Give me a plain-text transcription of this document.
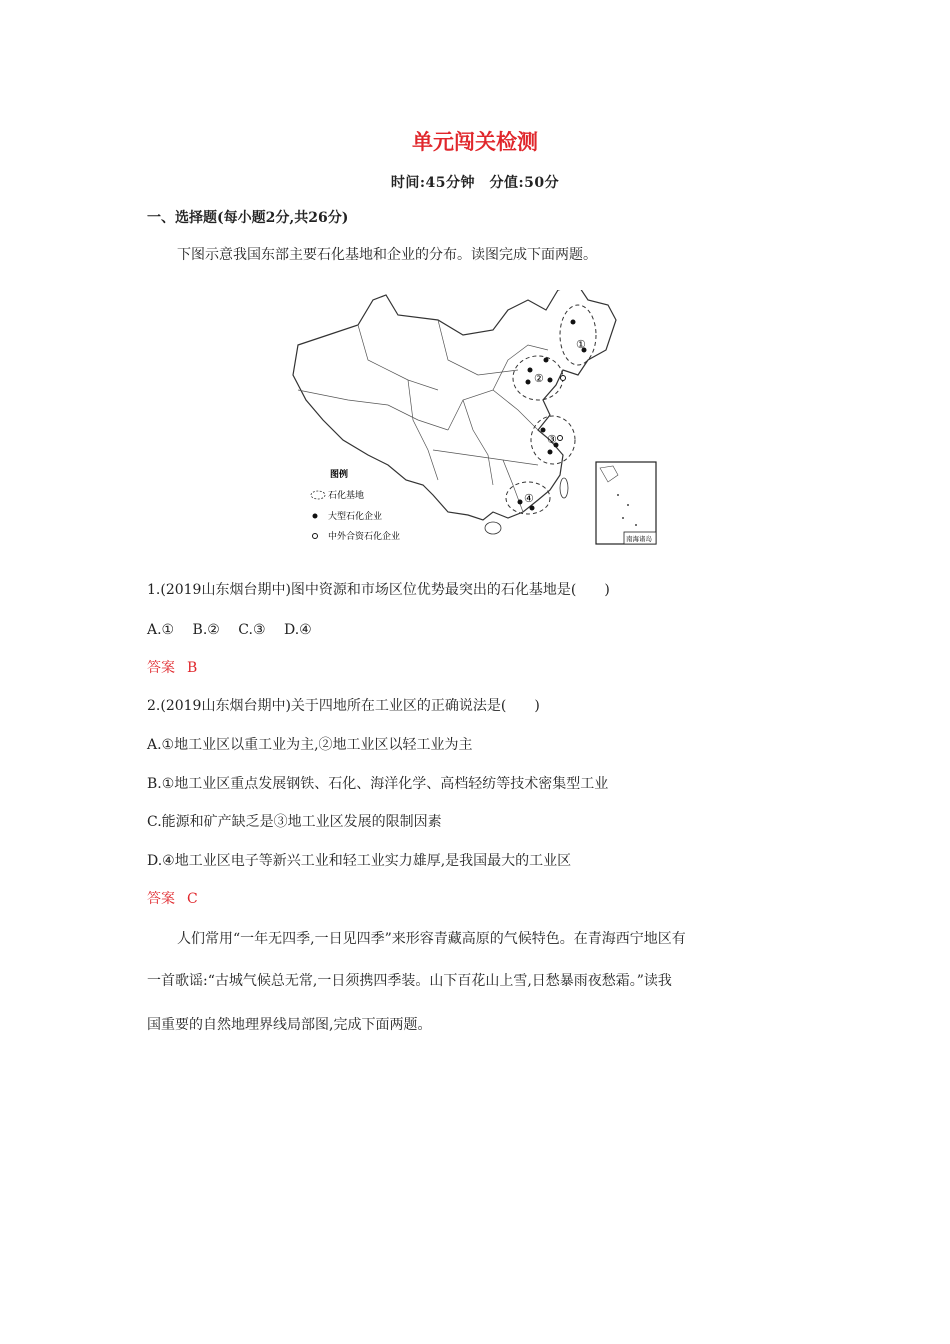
单元闯关检测
时间:45分钟　分值:50分
一、选择题(每小题2分,共26分)
下图示意我国东部主要石化基地和企业的分布。读图完成下面两题。
①
②
③
④
图例
石化基地
大型石化企业
中外合资石化企业	南海诸岛
1.(2019山东烟台期中)图中资源和市场区位优势最突出的石化基地是(　　)
A.①　 B.②　 C.③　 D.④
答案 B
2.(2019山东烟台期中)关于四地所在工业区的正确说法是(　　)
A.①地工业区以重工业为主,②地工业区以轻工业为主
B.①地工业区重点发展钢铁、石化、海洋化学、高档轻纺等技术密集型工业
C.能源和矿产缺乏是③地工业区发展的限制因素
D.④地工业区电子等新兴工业和轻工业实力雄厚,是我国最大的工业区
答案 C
人们常用“一年无四季,一日见四季”来形容青藏高原的气候特色。在青海西宁地区有
一首歌谣:“古城气候总无常,一日须携四季装。山下百花山上雪,日愁暴雨夜愁霜。”读我
国重要的自然地理界线局部图,完成下面两题。
